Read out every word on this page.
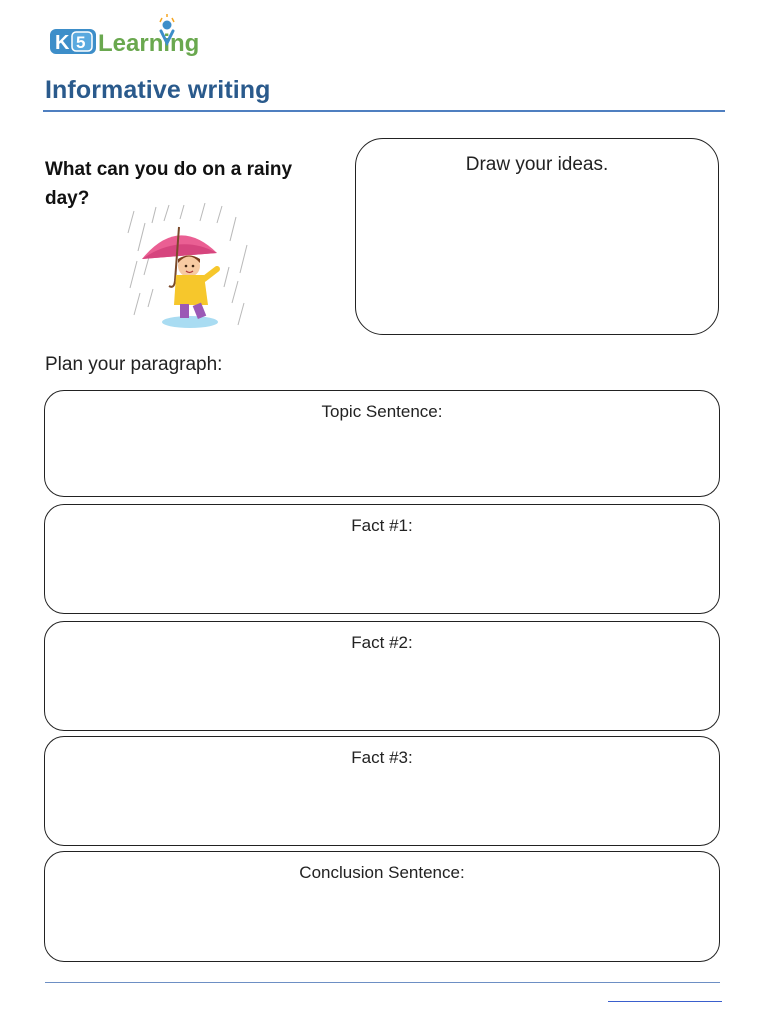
K 5 Learning
Informative writing

What can you do on a rainy day?

Draw your ideas.

Plan your paragraph:

Topic Sentence:
Fact #1:
Fact #2:
Fact #3:
Conclusion Sentence:
